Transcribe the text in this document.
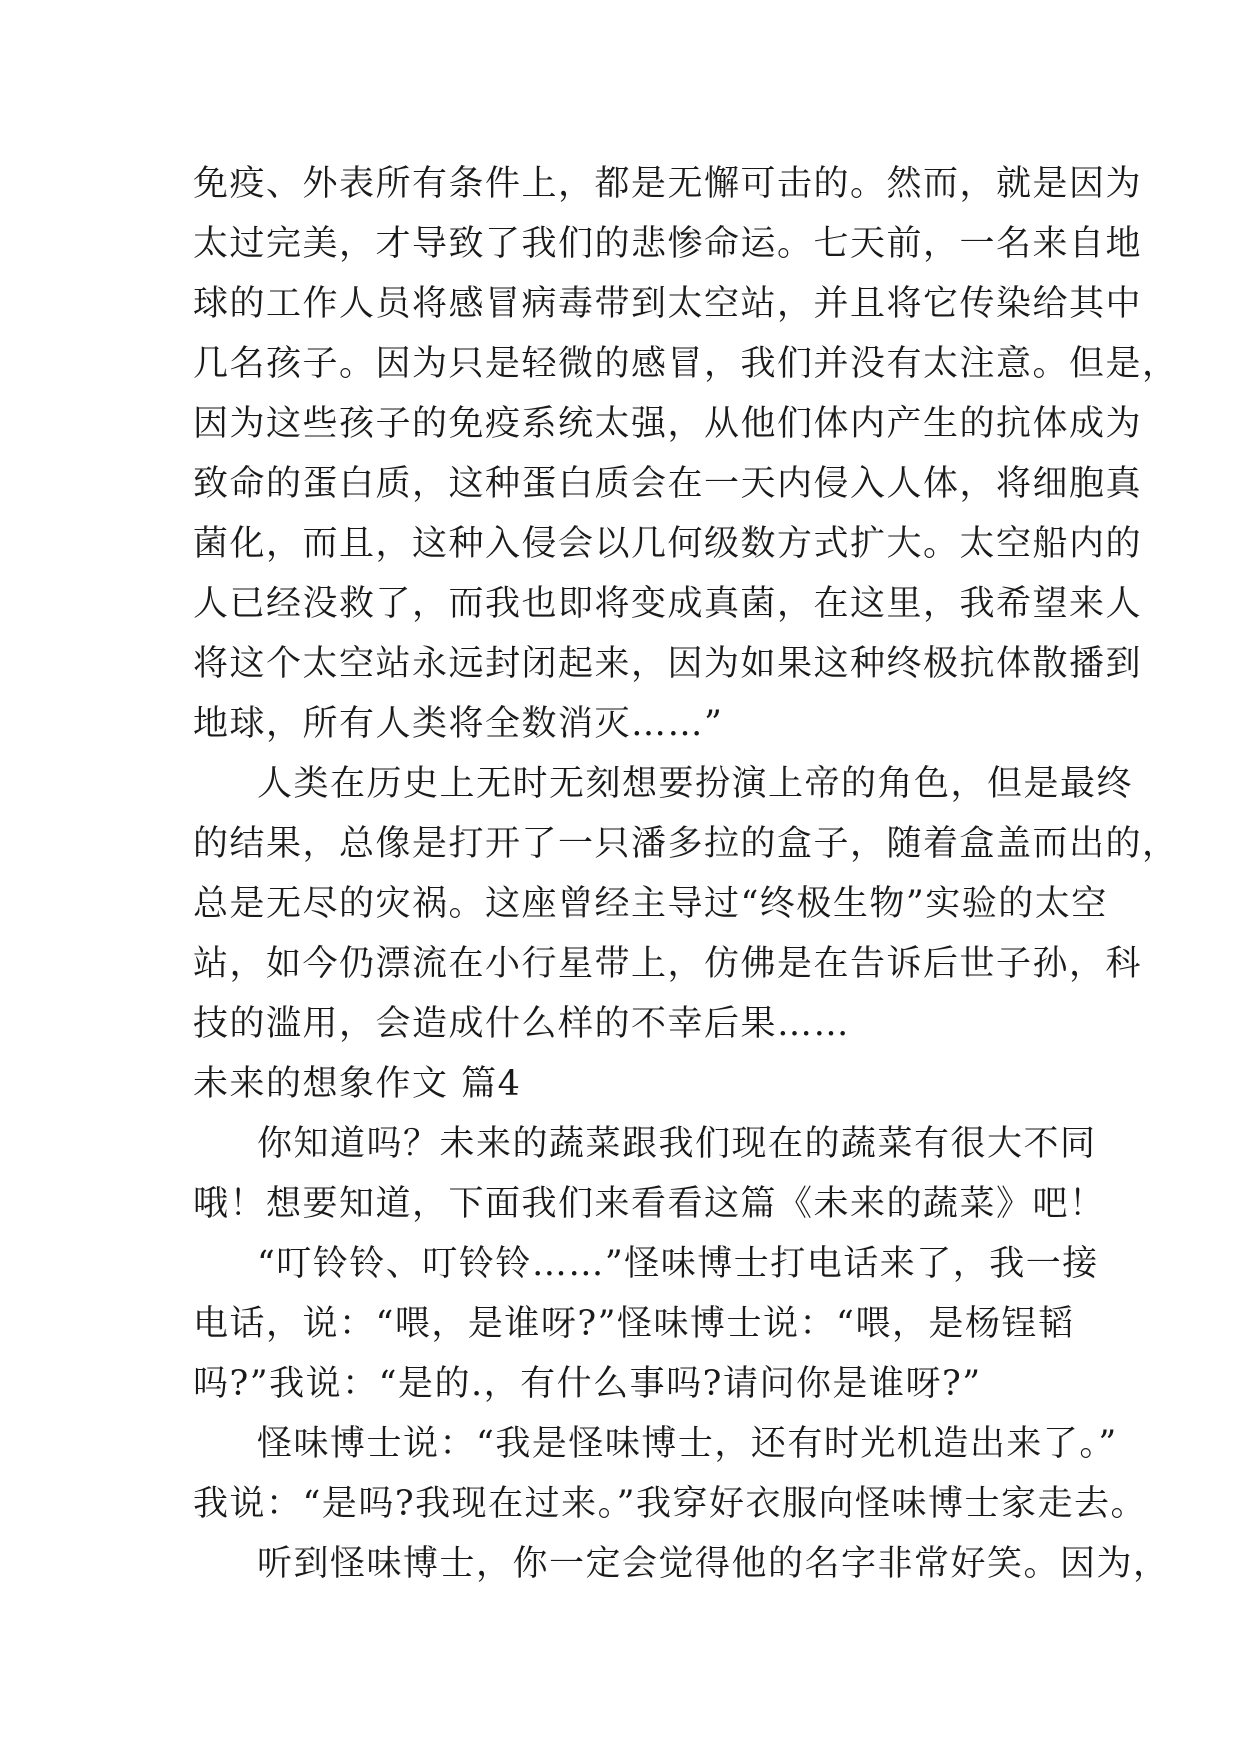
免疫、外表所有条件上，都是无懈可击的。然而，就是因为
太过完美，才导致了我们的悲惨命运。七天前，一名来自地
球的工作人员将感冒病毒带到太空站，并且将它传染给其中
几名孩子。因为只是轻微的感冒，我们并没有太注意。但是，
因为这些孩子的免疫系统太强，从他们体内产生的抗体成为
致命的蛋白质，这种蛋白质会在一天内侵入人体，将细胞真
菌化，而且，这种入侵会以几何级数方式扩大。太空船内的
人已经没救了，而我也即将变成真菌，在这里，我希望来人
将这个太空站永远封闭起来，因为如果这种终极抗体散播到
地球，所有人类将全数消灭……”
人类在历史上无时无刻想要扮演上帝的角色，但是最终
的结果，总像是打开了一只潘多拉的盒子，随着盒盖而出的，
总是无尽的灾祸。这座曾经主导过“终极生物”实验的太空
站，如今仍漂流在小行星带上，仿佛是在告诉后世子孙，科
技的滥用，会造成什么样的不幸后果……
未来的想象作文 篇4
你知道吗？未来的蔬菜跟我们现在的蔬菜有很大不同
哦！想要知道，下面我们来看看这篇《未来的蔬菜》吧！
“叮铃铃、叮铃铃……”怪味博士打电话来了，我一接
电话，说：“喂，是谁呀?”怪味博士说：“喂，是杨锃韬
吗?”我说：“是的.，有什么事吗?请问你是谁呀?”
怪味博士说：“我是怪味博士，还有时光机造出来了。”
我说：“是吗?我现在过来。”我穿好衣服向怪味博士家走去。
听到怪味博士，你一定会觉得他的名字非常好笑。因为，
